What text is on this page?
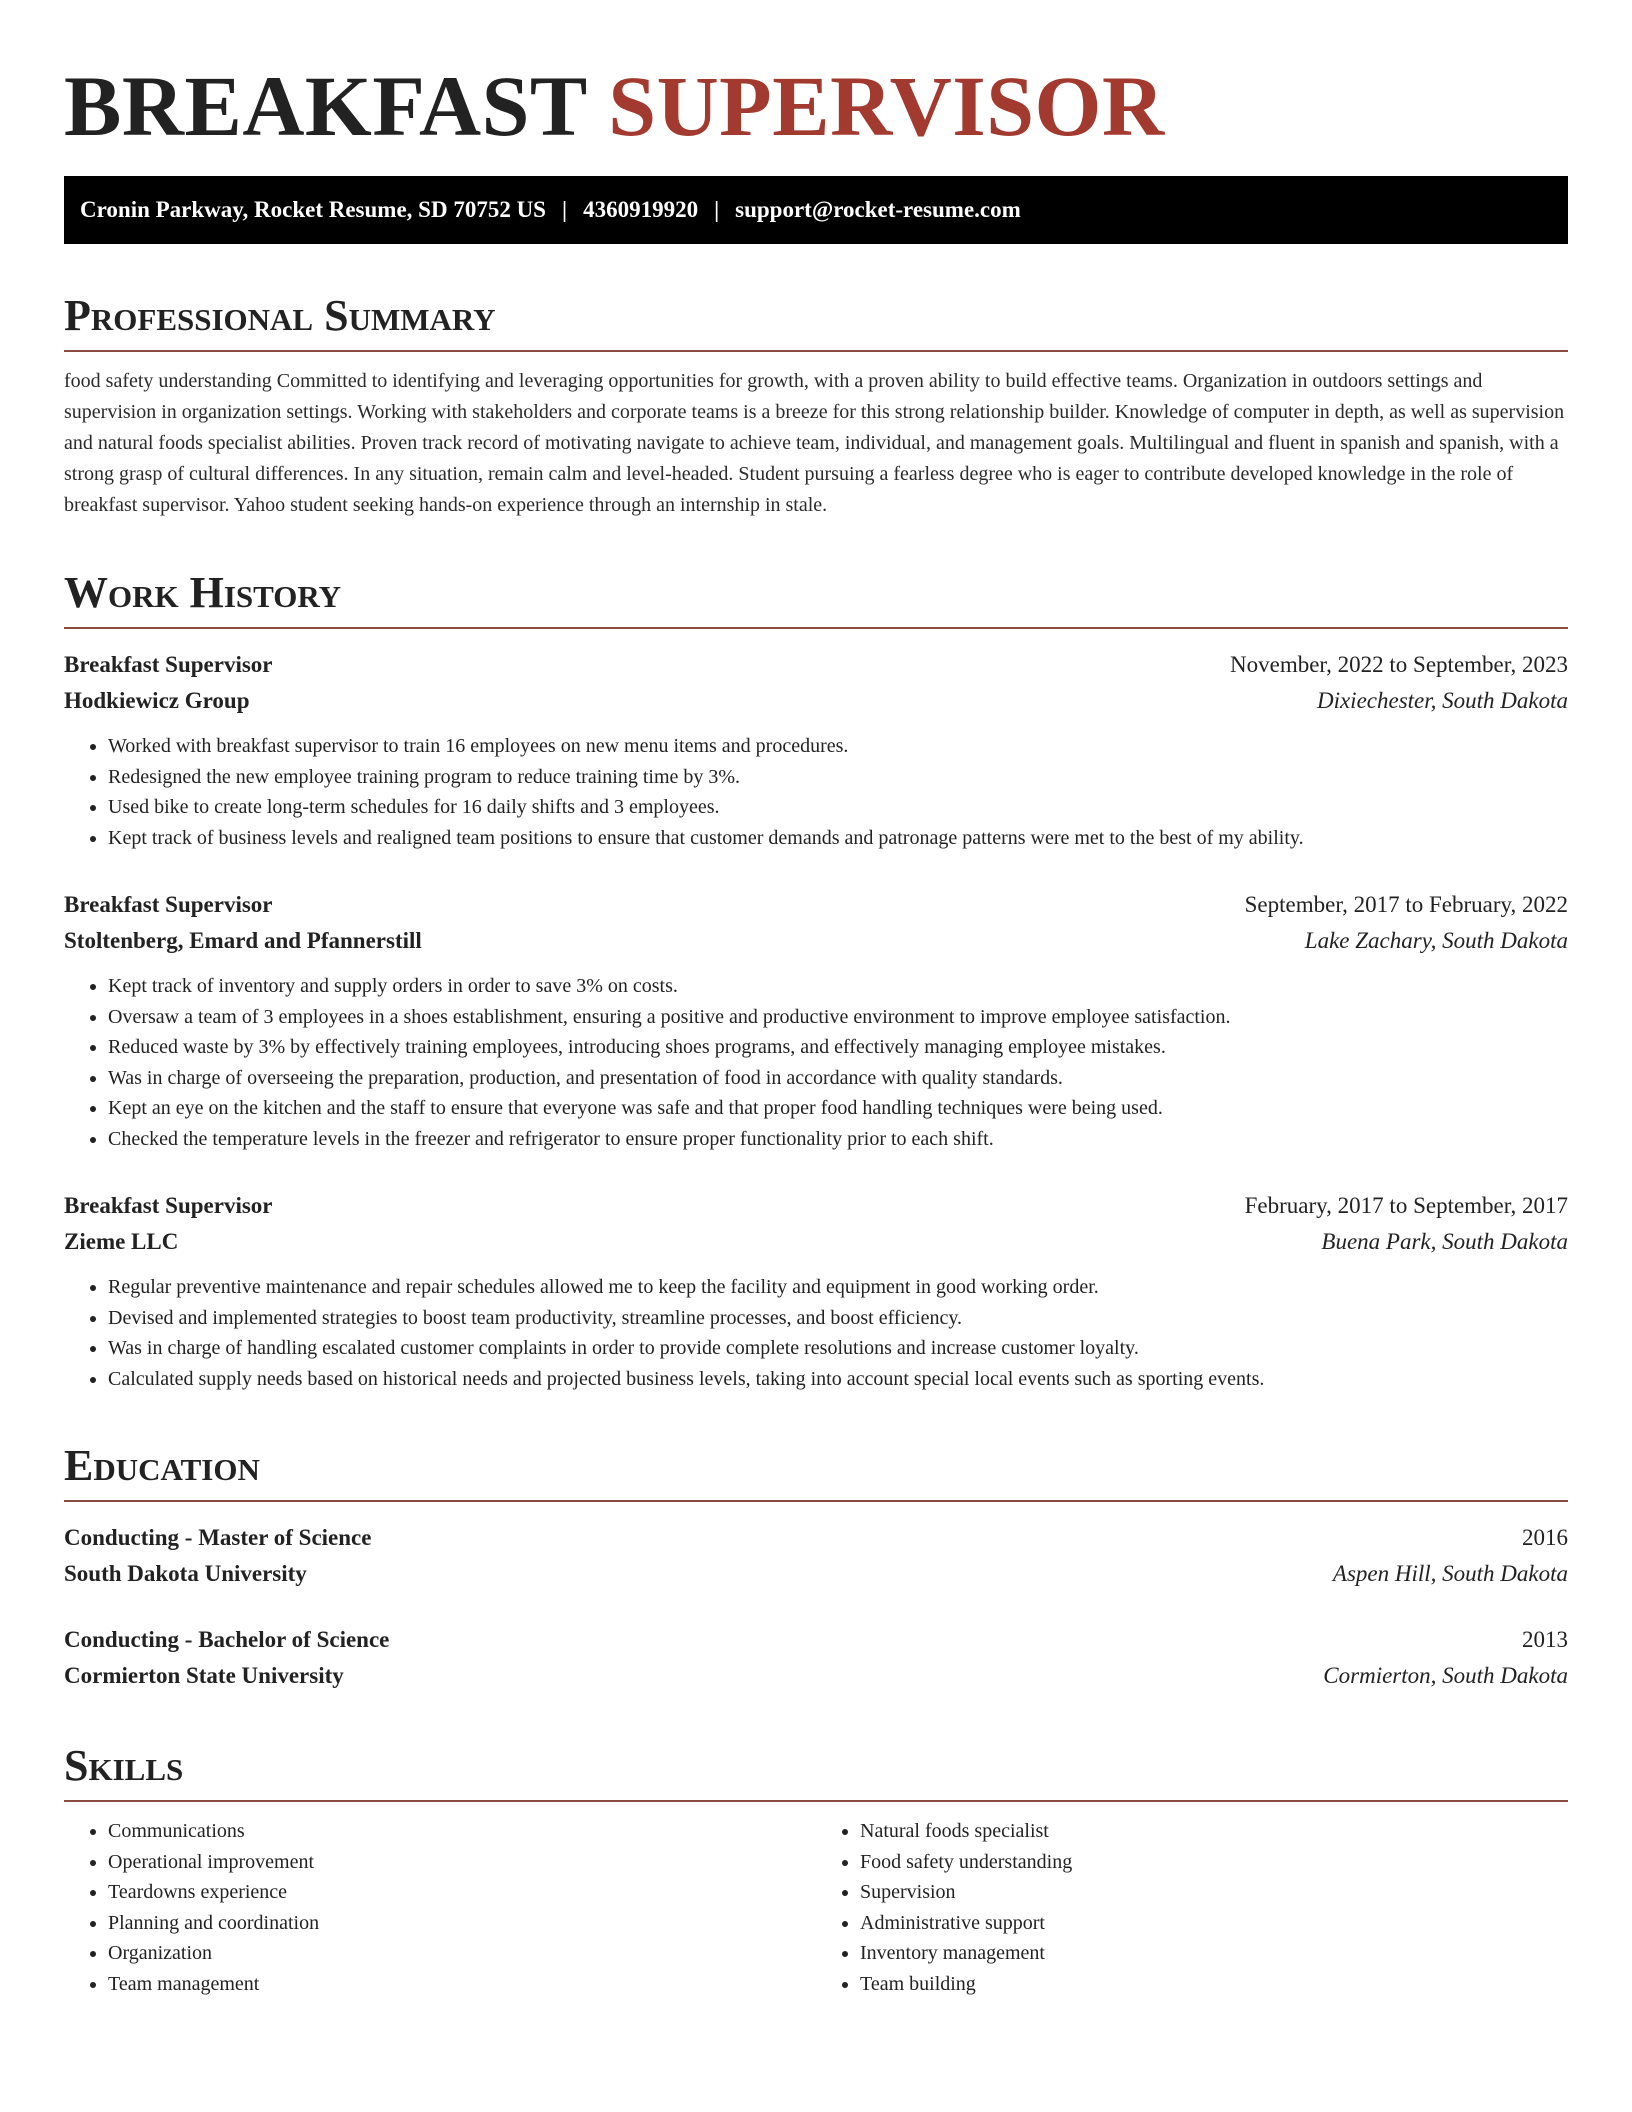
BREAKFAST SUPERVISOR
Cronin Parkway, Rocket Resume, SD 70752 US | 4360919920 | support@rocket-resume.com
Professional Summary

food safety understanding Committed to identifying and leveraging opportunities for growth, with a proven ability to build effective teams. Organization in outdoors settings and supervision in organization settings. Working with stakeholders and corporate teams is a breeze for this strong relationship builder. Knowledge of computer in depth, as well as supervision and natural foods specialist abilities. Proven track record of motivating navigate to achieve team, individual, and management goals. Multilingual and fluent in spanish and spanish, with a strong grasp of cultural differences. In any situation, remain calm and level-headed. Student pursuing a fearless degree who is eager to contribute developed knowledge in the role of breakfast supervisor. Yahoo student seeking hands-on experience through an internship in stale.

Work History
Breakfast Supervisor	November, 2022 to September, 2023
Hodkiewicz Group	Dixiechester, South Dakota
• Worked with breakfast supervisor to train 16 employees on new menu items and procedures.
• Redesigned the new employee training program to reduce training time by 3%.
• Used bike to create long-term schedules for 16 daily shifts and 3 employees.
• Kept track of business levels and realigned team positions to ensure that customer demands and patronage patterns were met to the best of my ability.
Breakfast Supervisor	September, 2017 to February, 2022
Stoltenberg, Emard and Pfannerstill	Lake Zachary, South Dakota
• Kept track of inventory and supply orders in order to save 3% on costs.
• Oversaw a team of 3 employees in a shoes establishment, ensuring a positive and productive environment to improve employee satisfaction.
• Reduced waste by 3% by effectively training employees, introducing shoes programs, and effectively managing employee mistakes.
• Was in charge of overseeing the preparation, production, and presentation of food in accordance with quality standards.
• Kept an eye on the kitchen and the staff to ensure that everyone was safe and that proper food handling techniques were being used.
• Checked the temperature levels in the freezer and refrigerator to ensure proper functionality prior to each shift.
Breakfast Supervisor	February, 2017 to September, 2017
Zieme LLC	Buena Park, South Dakota
• Regular preventive maintenance and repair schedules allowed me to keep the facility and equipment in good working order.
• Devised and implemented strategies to boost team productivity, streamline processes, and boost efficiency.
• Was in charge of handling escalated customer complaints in order to provide complete resolutions and increase customer loyalty.
• Calculated supply needs based on historical needs and projected business levels, taking into account special local events such as sporting events.
Education
Conducting - Master of Science	2016
South Dakota University	Aspen Hill, South Dakota
Conducting - Bachelor of Science	2013
Cormierton State University	Cormierton, South Dakota
Skills
• Communications
• Operational improvement
• Teardowns experience
• Planning and coordination
• Organization
• Team management
• Natural foods specialist
• Food safety understanding
• Supervision
• Administrative support
• Inventory management
• Team building
